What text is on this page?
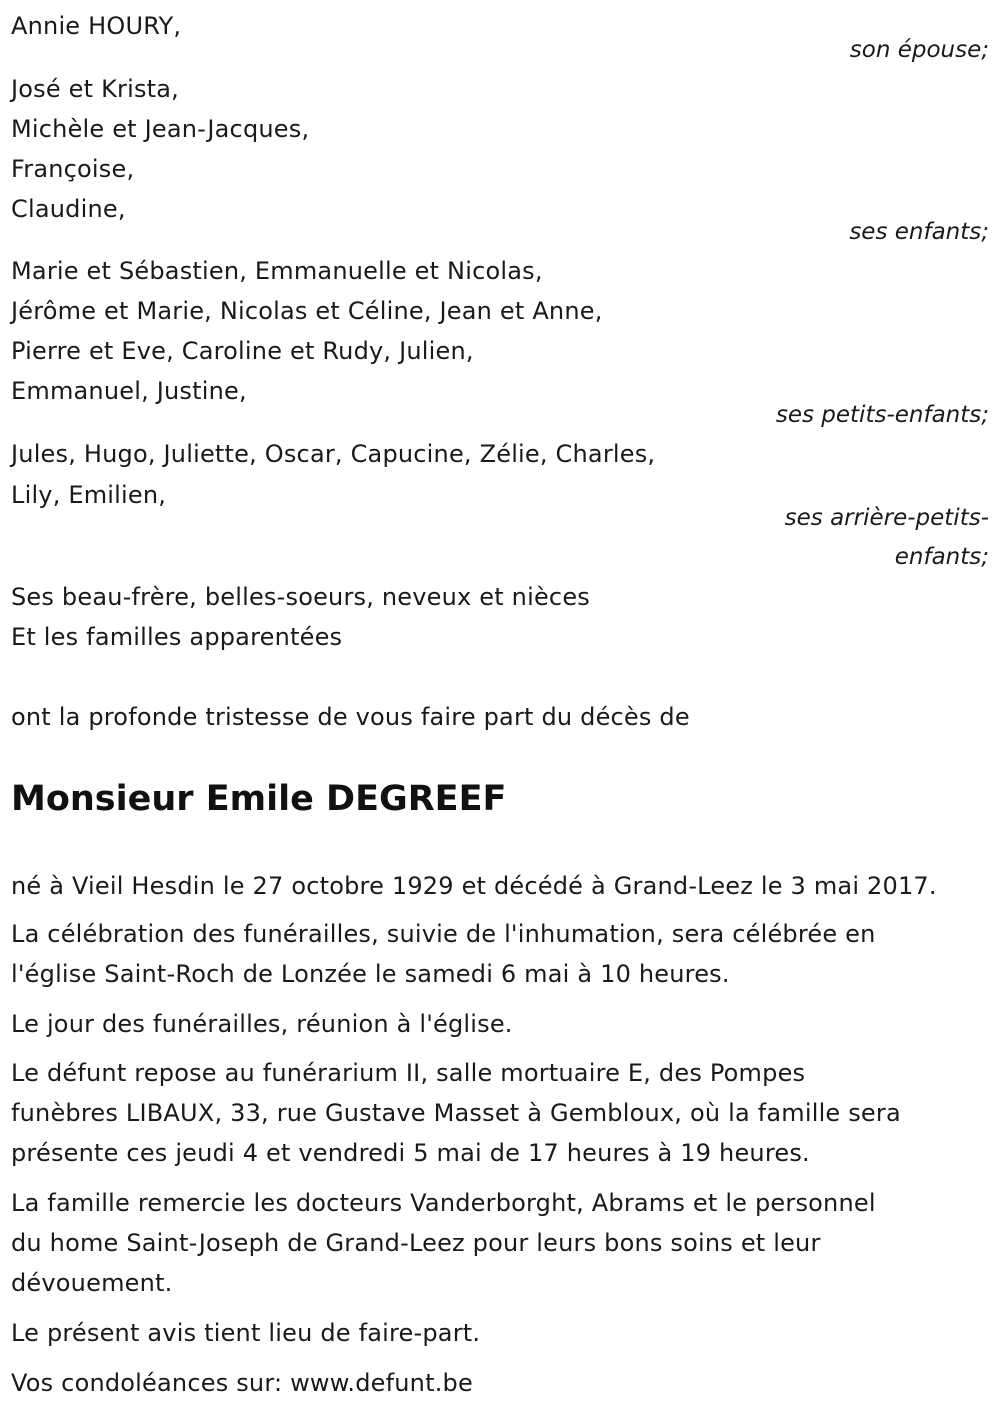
Annie HOURY,
son épouse;
José et Krista,
Michèle et Jean-Jacques,
Françoise,
Claudine,
ses enfants;
Marie et Sébastien, Emmanuelle et Nicolas,
Jérôme et Marie, Nicolas et Céline, Jean et Anne,
Pierre et Eve, Caroline et Rudy, Julien,
Emmanuel, Justine,
ses petits-enfants;
Jules, Hugo, Juliette, Oscar, Capucine, Zélie, Charles,
Lily, Emilien,
ses arrière-petits-
enfants;
Ses beau-frère, belles-soeurs, neveux et nièces
Et les familles apparentées
ont la profonde tristesse de vous faire part du décès de
Monsieur Emile DEGREEF
né à Vieil Hesdin le 27 octobre 1929 et décédé à Grand-Leez le 3 mai 2017.
La célébration des funérailles, suivie de l'inhumation, sera célébrée en
l'église Saint-Roch de Lonzée le samedi 6 mai à 10 heures.
Le jour des funérailles, réunion à l'église.
Le défunt repose au funérarium II, salle mortuaire E, des Pompes
funèbres LIBAUX, 33, rue Gustave Masset à Gembloux, où la famille sera
présente ces jeudi 4 et vendredi 5 mai de 17 heures à 19 heures.
La famille remercie les docteurs Vanderborght, Abrams et le personnel
du home Saint-Joseph de Grand-Leez pour leurs bons soins et leur
dévouement.
Le présent avis tient lieu de faire-part.
Vos condoléances sur: www.defunt.be
